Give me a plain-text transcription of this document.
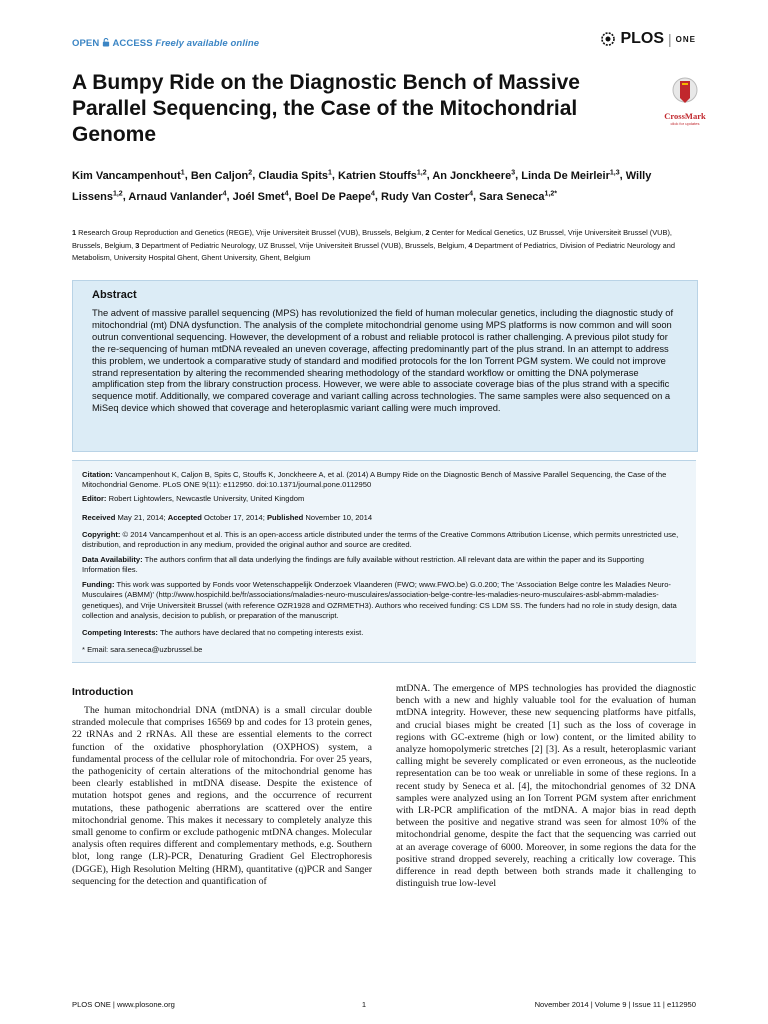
OPEN ACCESS Freely available online	PLOS | ONE
A Bumpy Ride on the Diagnostic Bench of Massive Parallel Sequencing, the Case of the Mitochondrial Genome
CrossMark
click for updates
Kim Vancampenhout$^1$, Ben Caljon$^2$, Claudia Spits$^1$, Katrien Stouffs$^{1,2}$, An Jonckheere$^3$, Linda De Meirleir$^{1,3}$, Willy Lissens$^{1,2}$, Arnaud Vanlander$^4$, Joél Smet$^4$, Boel De Paepe$^4$, Rudy Van Coster$^4$, Sara Seneca$^{1,2*}$
1 Research Group Reproduction and Genetics (REGE), Vrije Universiteit Brussel (VUB), Brussels, Belgium, 2 Center for Medical Genetics, UZ Brussel, Vrije Universiteit Brussel (VUB), Brussels, Belgium, 3 Department of Pediatric Neurology, UZ Brussel, Vrije Universiteit Brussel (VUB), Brussels, Belgium, 4 Department of Pediatrics, Division of Pediatric Neurology and Metabolism, University Hospital Ghent, Ghent University, Ghent, Belgium
Abstract
The advent of massive parallel sequencing (MPS) has revolutionized the field of human molecular genetics, including the diagnostic study of mitochondrial (mt) DNA dysfunction. The analysis of the complete mitochondrial genome using MPS platforms is now common and will soon outrun conventional sequencing. However, the development of a robust and reliable protocol is rather challenging. A previous pilot study for the re-sequencing of human mtDNA revealed an uneven coverage, affecting predominantly part of the plus strand. In an attempt to address this problem, we undertook a comparative study of standard and modified protocols for the Ion Torrent PGM system. We could not improve strand representation by altering the recommended shearing methodology of the standard workflow or omitting the DNA polymerase amplification step from the library construction process. However, we were able to associate coverage bias of the plus strand with a specific sequence motif. Additionally, we compared coverage and variant calling across technologies. The same samples were also sequenced on a MiSeq device which showed that coverage and heteroplasmic variant calling were much improved.
Citation: Vancampenhout K, Caljon B, Spits C, Stouffs K, Jonckheere A, et al. (2014) A Bumpy Ride on the Diagnostic Bench of Massive Parallel Sequencing, the Case of the Mitochondrial Genome. PLoS ONE 9(11): e112950. doi:10.1371/journal.pone.0112950
Editor: Robert Lightowlers, Newcastle University, United Kingdom
Received May 21, 2014; Accepted October 17, 2014; Published November 10, 2014
Copyright: © 2014 Vancampenhout et al. This is an open-access article distributed under the terms of the Creative Commons Attribution License, which permits unrestricted use, distribution, and reproduction in any medium, provided the original author and source are credited.
Data Availability: The authors confirm that all data underlying the findings are fully available without restriction. All relevant data are within the paper and its Supporting Information files.
Funding: This work was supported by Fonds voor Wetenschappelijk Onderzoek Vlaanderen (FWO; www.FWO.be) G.0.200; The 'Association Belge contre les Maladies Neuro-Musculaires (ABMM)' (http://www.hospichild.be/fr/associations/maladies-neuro-musculaires/association-belge-contre-les-maladies-neuro-musculaires-asbl-abmm-maladies-genetiques), and Vrije Universiteit Brussel (with reference OZR1928 and OZRMETH3). Authors who received funding: CS LDM SS. The funders had no role in study design, data collection and analysis, decision to publish, or preparation of the manuscript.
Competing Interests: The authors have declared that no competing interests exist.
* Email: sara.seneca@uzbrussel.be
Introduction
The human mitochondrial DNA (mtDNA) is a small circular double stranded molecule that comprises 16569 bp and codes for 13 protein genes, 22 tRNAs and 2 rRNAs. All these are essential elements to the correct function of the oxidative phosphorylation (OXPHOS) system, a fundamental process of the cellular role of mitochondria. For over 25 years, the pathogenicity of certain alterations of the mitochondrial genome has been clearly established in mtDNA disease. Despite the existence of mutation hotspot genes and regions, and the occurrence of recurrent mutations, these pathogenic aberrations are scattered over the entire mitochondrial genome. This makes it necessary to completely analyze this small genome to confirm or exclude pathogenic mtDNA changes. Molecular analysis often requires different and complementary methods, e.g. Southern blot, long range (LR)-PCR, Denaturing Gradient Gel Electrophoresis (DGGE), High Resolution Melting (HRM), quantitative (q)PCR and Sanger sequencing for the detection and quantification of
mtDNA. The emergence of MPS technologies has provided the diagnostic bench with a new and highly valuable tool for the evaluation of human mtDNA integrity. However, these new sequencing platforms have pitfalls, and crucial biases might be created [1] such as the loss of coverage in regions with GC-extreme (high or low) content, or the limited ability to analyze homopolymeric stretches [2] [3]. As a result, heteroplasmic variant calling might be severely complicated or even erroneous, as the nucleotide representation can be too weak or unreliable in some of these regions. In a recent study by Seneca et al. [4], the mitochondrial genomes of 32 DNA samples were analyzed using an Ion Torrent PGM system after enrichment with LR-PCR amplification of the mtDNA. A major bias in read depth between the positive and negative strand was seen for almost 10% of the mitochondrial genome, despite the fact that the sequencing was carried out at an average coverage of 6000. Moreover, in some regions the data for the positive strand dropped severely, reaching a critically low coverage. This difference in read depth between both strands made it challenging to distinguish true low-level
PLOS ONE | www.plosone.org	1	November 2014 | Volume 9 | Issue 11 | e112950
